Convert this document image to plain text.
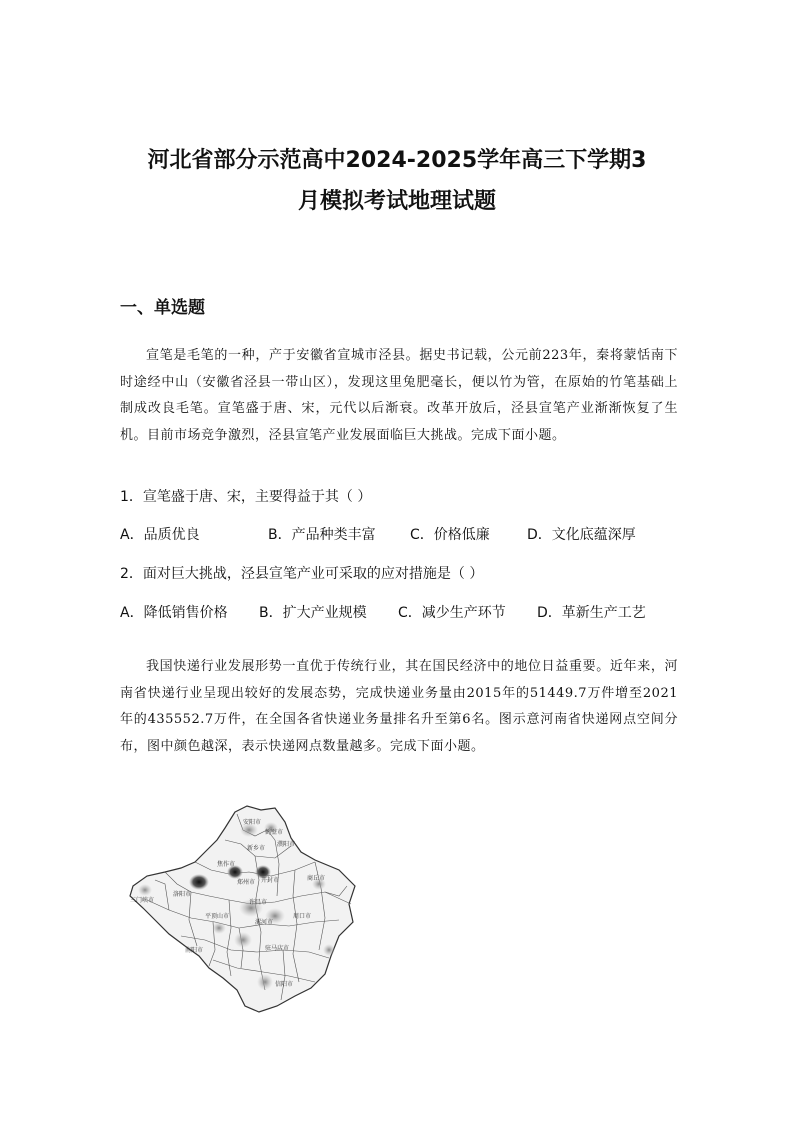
河北省部分示范高中2024-2025学年高三下学期3
月模拟考试地理试题
一、单选题

宣笔是毛笔的一种，产于安徽省宣城市泾县。据史书记载，公元前223年，秦将蒙恬南下时途经中山（安徽省泾县一带山区），发现这里兔肥毫长，便以竹为管，在原始的竹笔基础上制成改良毛笔。宣笔盛于唐、宋，元代以后渐衰。改革开放后，泾县宣笔产业渐渐恢复了生机。目前市场竞争激烈，泾县宣笔产业发展面临巨大挑战。完成下面小题。

1．宣笔盛于唐、宋，主要得益于其（ ）

A．品质优良	B．产品种类丰富 C．价格低廉	D．文化底蕴深厚

2．面对巨大挑战，泾县宣笔产业可采取的应对措施是（ ）

A．降低销售价格 B．扩大产业规模 C．减少生产环节 D．革新生产工艺

我国快递行业发展形势一直优于传统行业，其在国民经济中的地位日益重要。近年来，河南省快递行业呈现出较好的发展态势，完成快递业务量由2015年的51449.7万件增至2021年的435552.7万件，在全国各省快递业务量排名升至第6名。图示意河南省快递网点空间分布，图中颜色越深，表示快递网点数量越多。完成下面小题。

安阳市
鹤壁市
新乡市
濮阳市
焦作市
郑州市 开封市	商丘市
三门峡市
洛阳市
许昌市
平顶山市
漯河市
周口市
南阳市	驻马店市
信阳市
